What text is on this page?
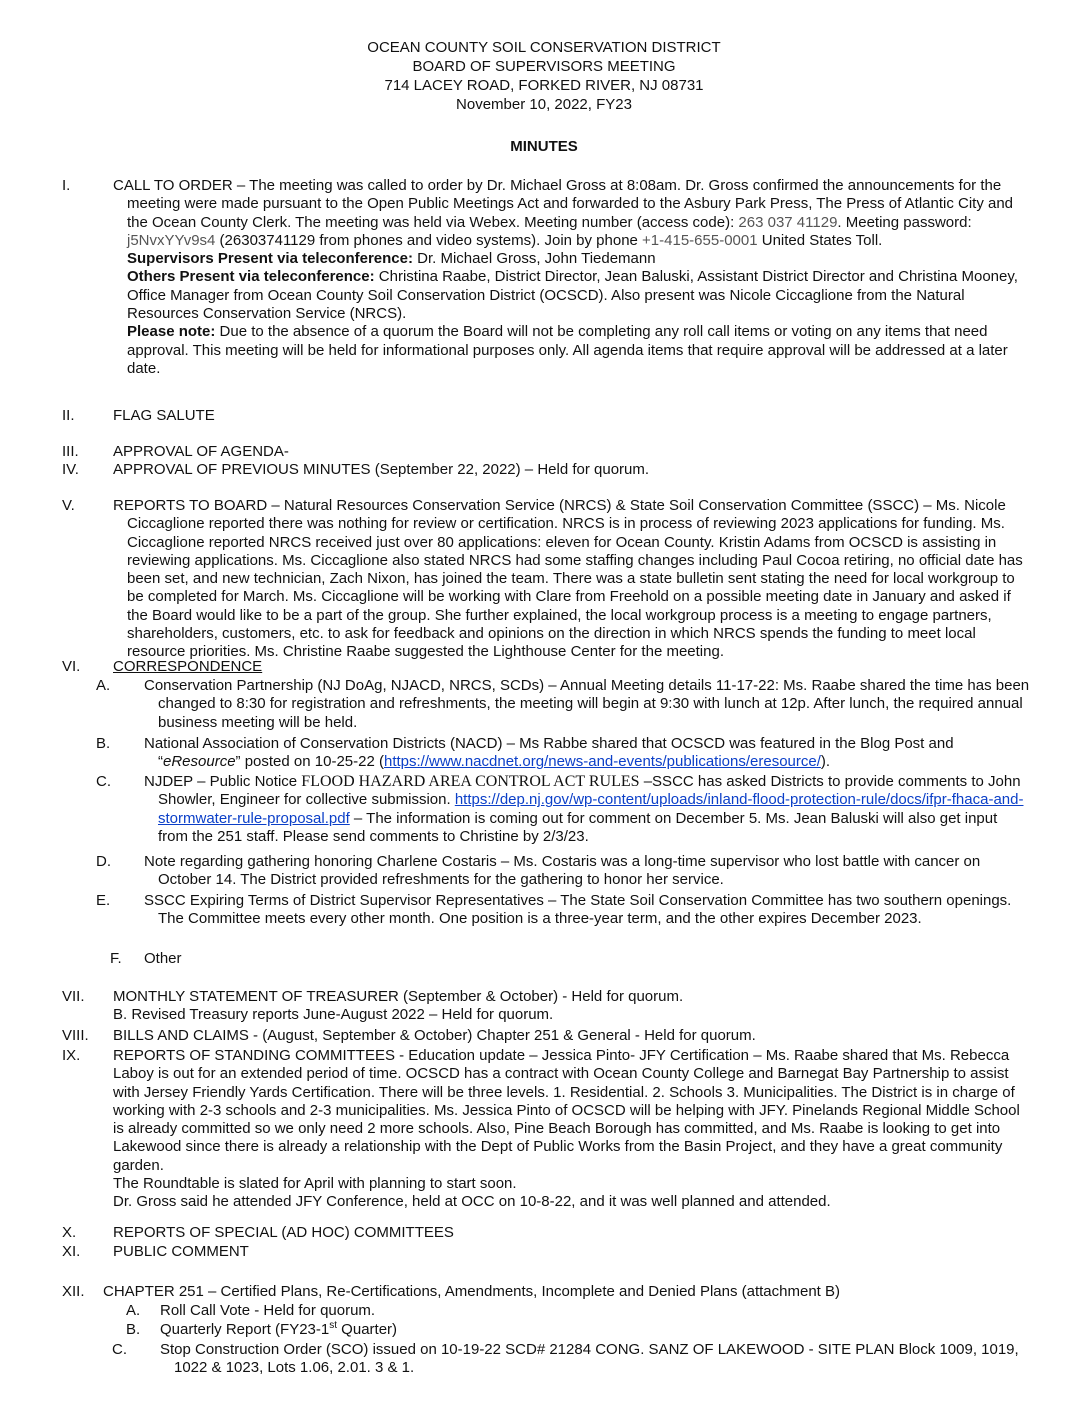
OCEAN COUNTY SOIL CONSERVATION DISTRICT
BOARD OF SUPERVISORS MEETING
714 LACEY ROAD, FORKED RIVER, NJ 08731
November 10, 2022, FY23
MINUTES
I.	CALL TO ORDER – The meeting was called to order by Dr. Michael Gross at 8:08am. Dr. Gross confirmed the announcements for the meeting were made pursuant to the Open Public Meetings Act and forwarded to the Asbury Park Press, The Press of Atlantic City and the Ocean County Clerk. The meeting was held via Webex. Meeting number (access code): 263 037 41129. Meeting password: j5NvxYYv9s4 (26303741129 from phones and video systems). Join by phone +1-415-655-0001 United States Toll.
Supervisors Present via teleconference: Dr. Michael Gross, John Tiedemann
Others Present via teleconference: Christina Raabe, District Director, Jean Baluski, Assistant District Director and Christina Mooney, Office Manager from Ocean County Soil Conservation District (OCSCD). Also present was Nicole Ciccaglione from the Natural Resources Conservation Service (NRCS).
Please note: Due to the absence of a quorum the Board will not be completing any roll call items or voting on any items that need approval. This meeting will be held for informational purposes only. All agenda items that require approval will be addressed at a later date.
II.	FLAG SALUTE
III. APPROVAL OF AGENDA-
IV. APPROVAL OF PREVIOUS MINUTES (September 22, 2022) – Held for quorum.
V.	REPORTS TO BOARD – Natural Resources Conservation Service (NRCS) & State Soil Conservation Committee (SSCC) – Ms. Nicole Ciccaglione reported there was nothing for review or certification. NRCS is in process of reviewing 2023 applications for funding. Ms. Ciccaglione reported NRCS received just over 80 applications: eleven for Ocean County. Kristin Adams from OCSCD is assisting in reviewing applications. Ms. Ciccaglione also stated NRCS had some staffing changes including Paul Cocoa retiring, no official date has been set, and new technician, Zach Nixon, has joined the team. There was a state bulletin sent stating the need for local workgroup to be completed for March. Ms. Ciccaglione will be working with Clare from Freehold on a possible meeting date in January and asked if the Board would like to be a part of the group. She further explained, the local workgroup process is a meeting to engage partners, shareholders, customers, etc. to ask for feedback and opinions on the direction in which NRCS spends the funding to meet local resource priorities. Ms. Christine Raabe suggested the Lighthouse Center for the meeting.
VI. CORRESPONDENCE
A. Conservation Partnership (NJ DoAg, NJACD, NRCS, SCDs) – Annual Meeting details 11-17-22: Ms. Raabe shared the time has been changed to 8:30 for registration and refreshments, the meeting will begin at 9:30 with lunch at 12p. After lunch, the required annual business meeting will be held.
B. National Association of Conservation Districts (NACD) – Ms Rabbe shared that OCSCD was featured in the Blog Post and “eResource” posted on 10-25-22 (https://www.nacdnet.org/news-and-events/publications/eresource/).
C. NJDEP – Public Notice FLOOD HAZARD AREA CONTROL ACT RULES –SSCC has asked Districts to provide comments to John Showler, Engineer for collective submission. https://dep.nj.gov/wp-content/uploads/inland-flood-protection-rule/docs/ifpr-fhaca-and-stormwater-rule-proposal.pdf – The information is coming out for comment on December 5. Ms. Jean Baluski will also get input from the 251 staff. Please send comments to Christine by 2/3/23.
D. Note regarding gathering honoring Charlene Costaris – Ms. Costaris was a long-time supervisor who lost battle with cancer on October 14. The District provided refreshments for the gathering to honor her service.
E. SSCC Expiring Terms of District Supervisor Representatives – The State Soil Conservation Committee has two southern openings. The Committee meets every other month. One position is a three-year term, and the other expires December 2023.
F. Other
VII. MONTHLY STATEMENT OF TREASURER (September & October) - Held for quorum.
B. Revised Treasury reports June-August 2022 – Held for quorum.
VIII. BILLS AND CLAIMS - (August, September & October) Chapter 251 & General - Held for quorum.
IX. REPORTS OF STANDING COMMITTEES - Education update – Jessica Pinto- JFY Certification – Ms. Raabe shared that Ms. Rebecca Laboy is out for an extended period of time. OCSCD has a contract with Ocean County College and Barnegat Bay Partnership to assist with Jersey Friendly Yards Certification. There will be three levels. 1. Residential. 2. Schools 3. Municipalities. The District is in charge of working with 2-3 schools and 2-3 municipalities. Ms. Jessica Pinto of OCSCD will be helping with JFY. Pinelands Regional Middle School is already committed so we only need 2 more schools. Also, Pine Beach Borough has committed, and Ms. Raabe is looking to get into Lakewood since there is already a relationship with the Dept of Public Works from the Basin Project, and they have a great community garden.
The Roundtable is slated for April with planning to start soon.
Dr. Gross said he attended JFY Conference, held at OCC on 10-8-22, and it was well planned and attended.
X. REPORTS OF SPECIAL (AD HOC) COMMITTEES
XI. PUBLIC COMMENT
XII. CHAPTER 251 – Certified Plans, Re-Certifications, Amendments, Incomplete and Denied Plans (attachment B)
A. Roll Call Vote - Held for quorum.
B. Quarterly Report (FY23-1st Quarter)
C. Stop Construction Order (SCO) issued on 10-19-22 SCD# 21284 CONG. SANZ OF LAKEWOOD - SITE PLAN Block 1009, 1019, 1022 & 1023, Lots 1.06, 2.01. 3 & 1.
